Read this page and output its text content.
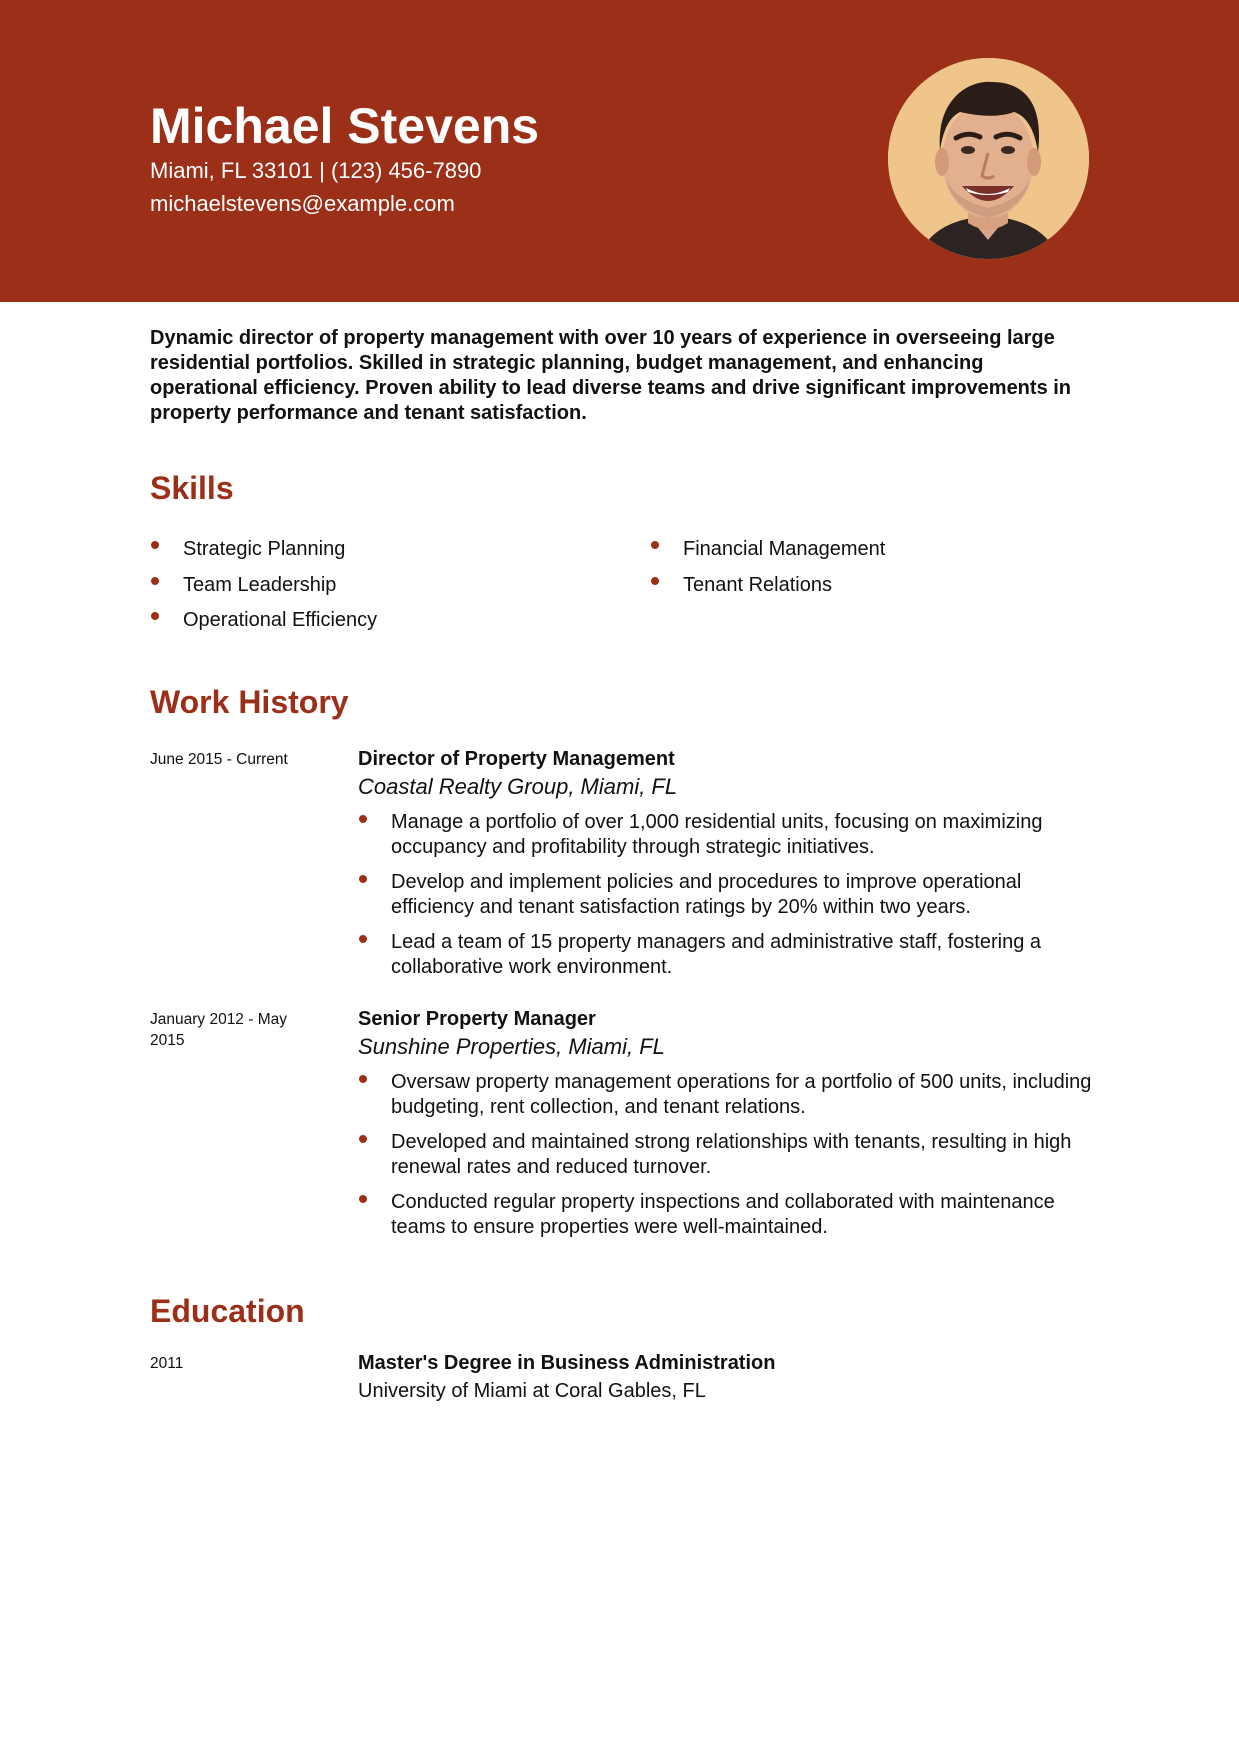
Michael Stevens
Miami, FL 33101 | (123) 456-7890
michaelstevens@example.com

Dynamic director of property management with over 10 years of experience in overseeing large residential portfolios. Skilled in strategic planning, budget management, and enhancing operational efficiency. Proven ability to lead diverse teams and drive significant improvements in property performance and tenant satisfaction.

Skills
Strategic Planning
Team Leadership
Operational Efficiency
Financial Management
Tenant Relations
Work History
June 2015 - Current	Director of Property Management

Coastal Realty Group, Miami, FL

Manage a portfolio of over 1,000 residential units, focusing on maximizing occupancy and profitability through strategic initiatives.
Develop and implement policies and procedures to improve operational efficiency and tenant satisfaction ratings by 20% within two years.
Lead a team of 15 property managers and administrative staff, fostering a collaborative work environment.
January 2012 - May 2015

Senior Property Manager

Sunshine Properties, Miami, FL

Oversaw property management operations for a portfolio of 500 units, including budgeting, rent collection, and tenant relations.
Developed and maintained strong relationships with tenants, resulting in high renewal rates and reduced turnover.
Conducted regular property inspections and collaborated with maintenance teams to ensure properties were well-maintained.
Education
2011	Master's Degree in Business Administration

University of Miami at Coral Gables, FL
